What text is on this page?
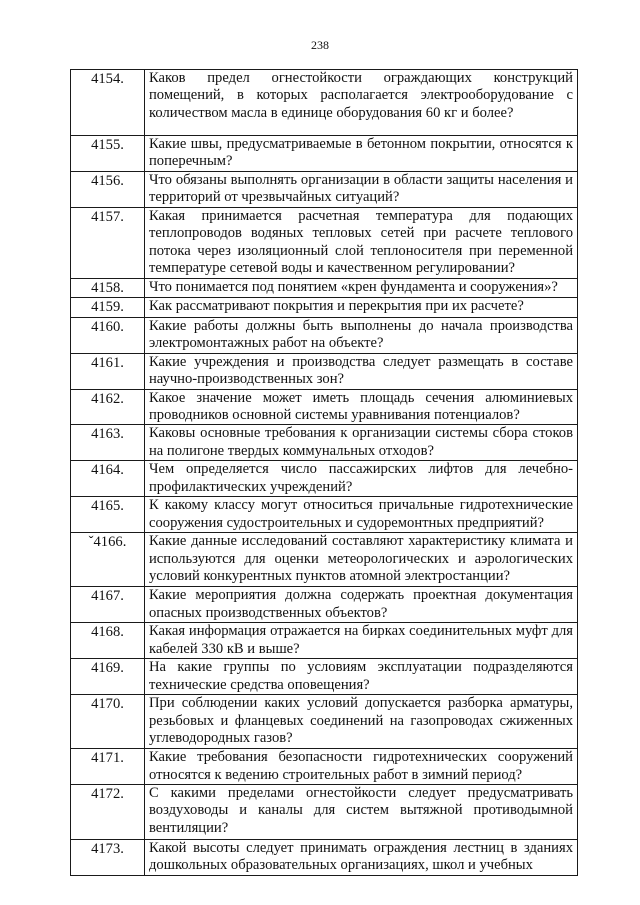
238
4154.	Каков предел огнестойкости ограждающих конструкций помещений, в которых располагается электрооборудование с количеством масла в единице оборудования 60 кг и более?
4155.	Какие швы, предусматриваемые в бетонном покрытии, относятся к поперечным?
4156.	Что обязаны выполнять организации в области защиты населения и территорий от чрезвычайных ситуаций?
4157.	Какая принимается расчетная температура для подающих теплопроводов водяных тепловых сетей при расчете теплового потока через изоляционный слой теплоносителя при переменной температуре сетевой воды и качественном регулировании?
4158.	Что понимается под понятием «крен фундамента и сооружения»?
4159.	Как рассматривают покрытия и перекрытия при их расчете?
4160.	Какие работы должны быть выполнены до начала производства электромонтажных работ на объекте?
4161.	Какие учреждения и производства следует размещать в составе научно-производственных зон?
4162.	Какое значение может иметь площадь сечения алюминиевых проводников основной системы уравнивания потенциалов?
4163.	Каковы основные требования к организации системы сбора стоков на полигоне твердых коммунальных отходов?
4164.	Чем определяется число пассажирских лифтов для лечебно-профилактических учреждений?
4165.	К какому классу могут относиться причальные гидротехнические сооружения судостроительных и судоремонтных предприятий?
ˇ4166.	Какие данные исследований составляют характеристику климата и используются для оценки метеорологических и аэрологических условий конкурентных пунктов атомной электростанции?
4167.	Какие мероприятия должна содержать проектная документация опасных производственных объектов?
4168.	Какая информация отражается на бирках соединительных муфт для кабелей 330 кВ и выше?
4169.	На какие группы по условиям эксплуатации подразделяются технические средства оповещения?
4170.	При соблюдении каких условий допускается разборка арматуры, резьбовых и фланцевых соединений на газопроводах сжиженных углеводородных газов?
4171.	Какие требования безопасности гидротехнических сооружений относятся к ведению строительных работ в зимний период?
4172.	С какими пределами огнестойкости следует предусматривать воздуховоды и каналы для систем вытяжной противодымной вентиляции?
4173.	Какой высоты следует принимать ограждения лестниц в зданиях дошкольных образовательных организациях, школ и учебных
